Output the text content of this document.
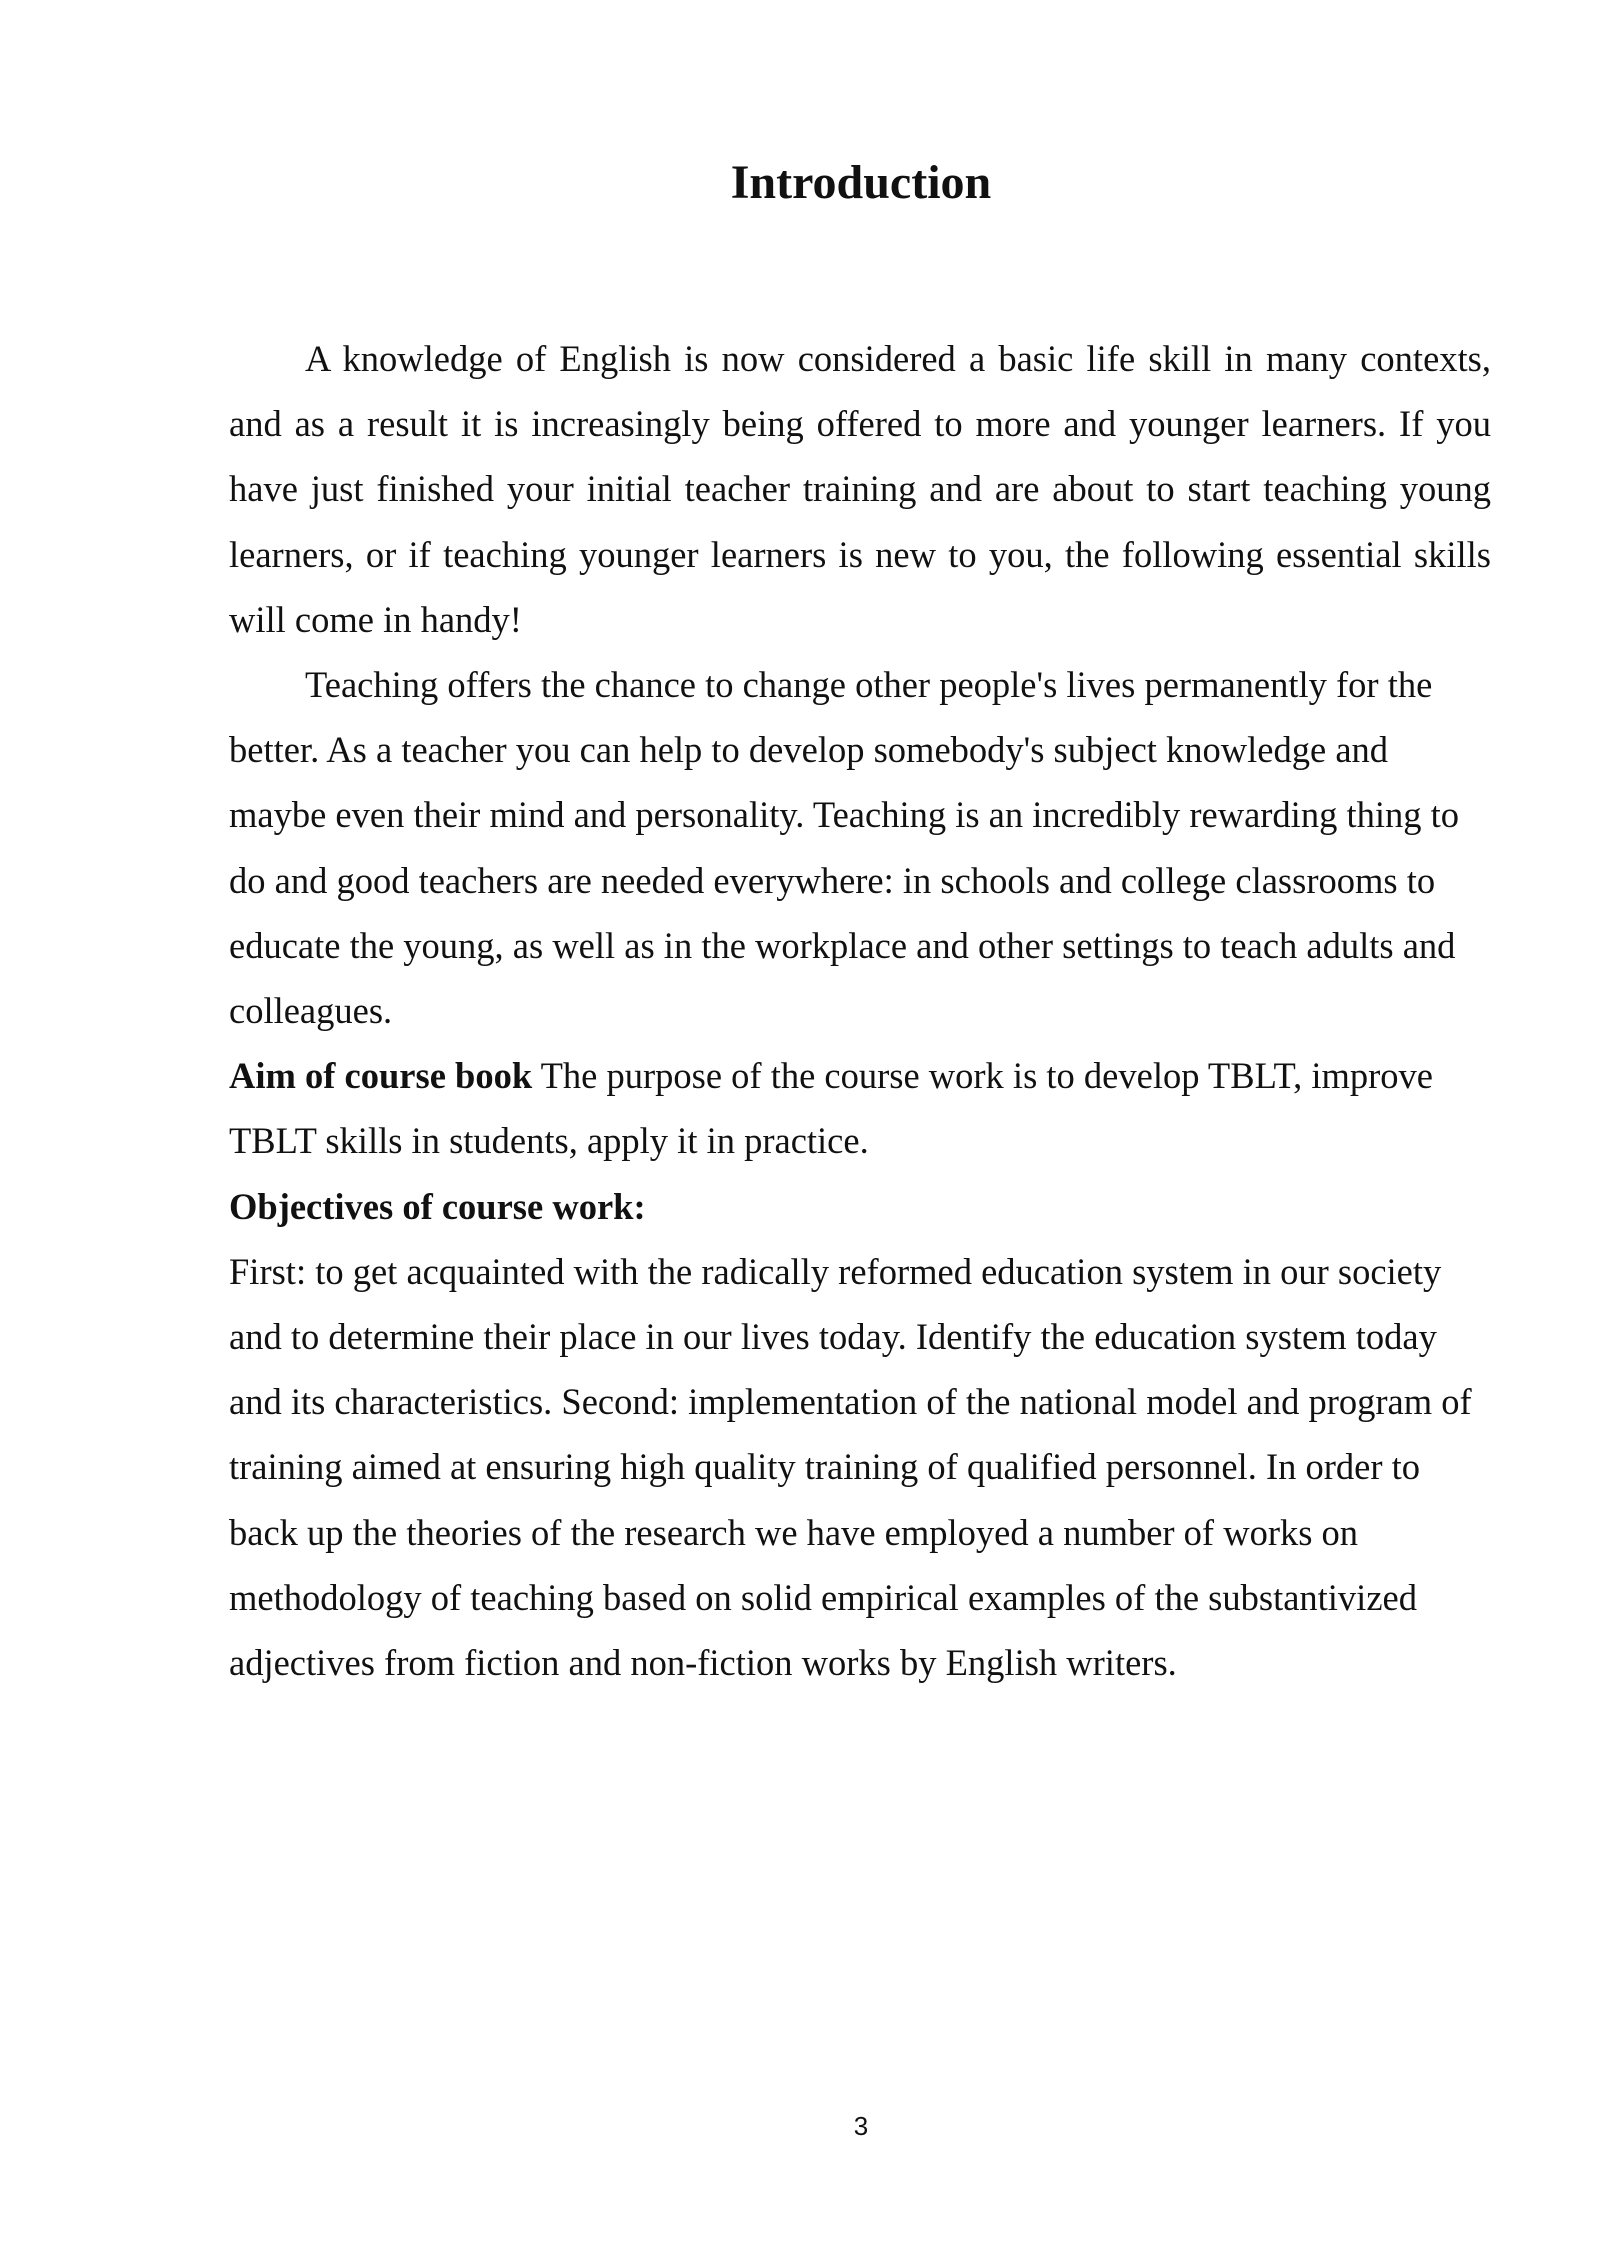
Introduction

A knowledge of English is now considered a basic life skill in many contexts, and as a result it is increasingly being offered to more and younger learners. If you have just finished your initial teacher training and are about to start teaching young learners, or if teaching younger learners is new to you, the following essential skills will come in handy!

Teaching offers the chance to change other people's lives permanently for the better. As a teacher you can help to develop somebody's subject knowledge and maybe even their mind and personality. Teaching is an incredibly rewarding thing to do and good teachers are needed everywhere: in schools and college classrooms to educate the young, as well as in the workplace and other settings to teach adults and colleagues.

Aim of course book The purpose of the course work is to develop TBLT, improve TBLT skills in students, apply it in practice.

Objectives of course work:

First: to get acquainted with the radically reformed education system in our society and to determine their place in our lives today. Identify the education system today and its characteristics. Second: implementation of the national model and program of training aimed at ensuring high quality training of qualified personnel. In order to back up the theories of the research we have employed a number of works on methodology of teaching based on solid empirical examples of the substantivized adjectives from fiction and non-fiction works by English writers.

3
